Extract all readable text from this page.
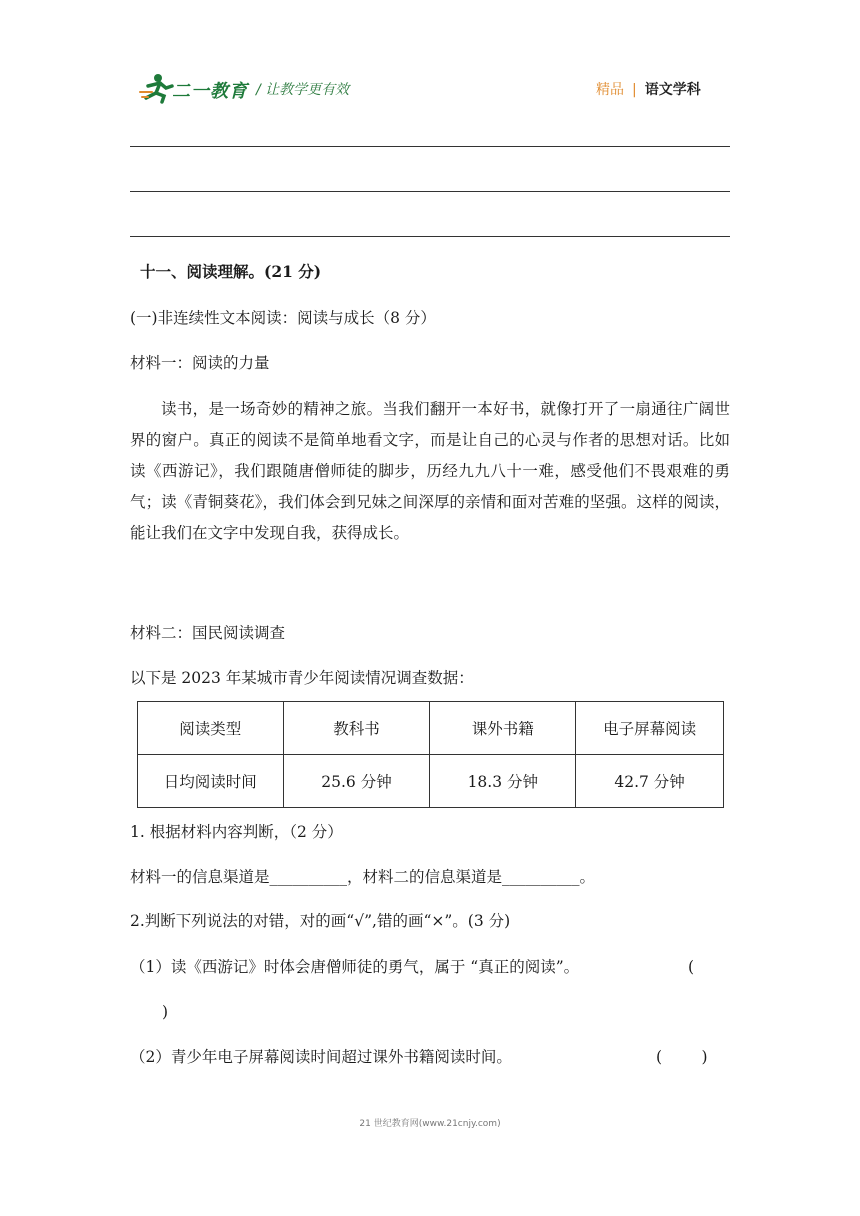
二一教育 / 让教学更有效	精品 | 语文学科
十一、阅读理解。(21 分)
(一)非连续性文本阅读：阅读与成长（8 分）
材料一：阅读的力量
读书，是一场奇妙的精神之旅。当我们翻开一本好书，就像打开了一扇通往广阔世界的窗户。真正的阅读不是简单地看文字，而是让自己的心灵与作者的思想对话。比如读《西游记》，我们跟随唐僧师徒的脚步，历经九九八十一难，感受他们不畏艰难的勇气；读《青铜葵花》，我们体会到兄妹之间深厚的亲情和面对苦难的坚强。这样的阅读，能让我们在文字中发现自我，获得成长。
材料二：国民阅读调查
以下是 2023 年某城市青少年阅读情况调查数据：
阅读类型	教科书	课外书籍	电子屏幕阅读
日均阅读时间	25.6 分钟	18.3 分钟	42.7 分钟
1. 根据材料内容判断，（2 分）
材料一的信息渠道是__________，材料二的信息渠道是__________。
2.判断下列说法的对错，对的画“√”,错的画“×”。(3 分)
（1）读《西游记》时体会唐僧师徒的勇气，属于 “真正的阅读”。	(
)
（2）青少年电子屏幕阅读时间超过课外书籍阅读时间。	(        )
21 世纪教育网(www.21cnjy.com)
